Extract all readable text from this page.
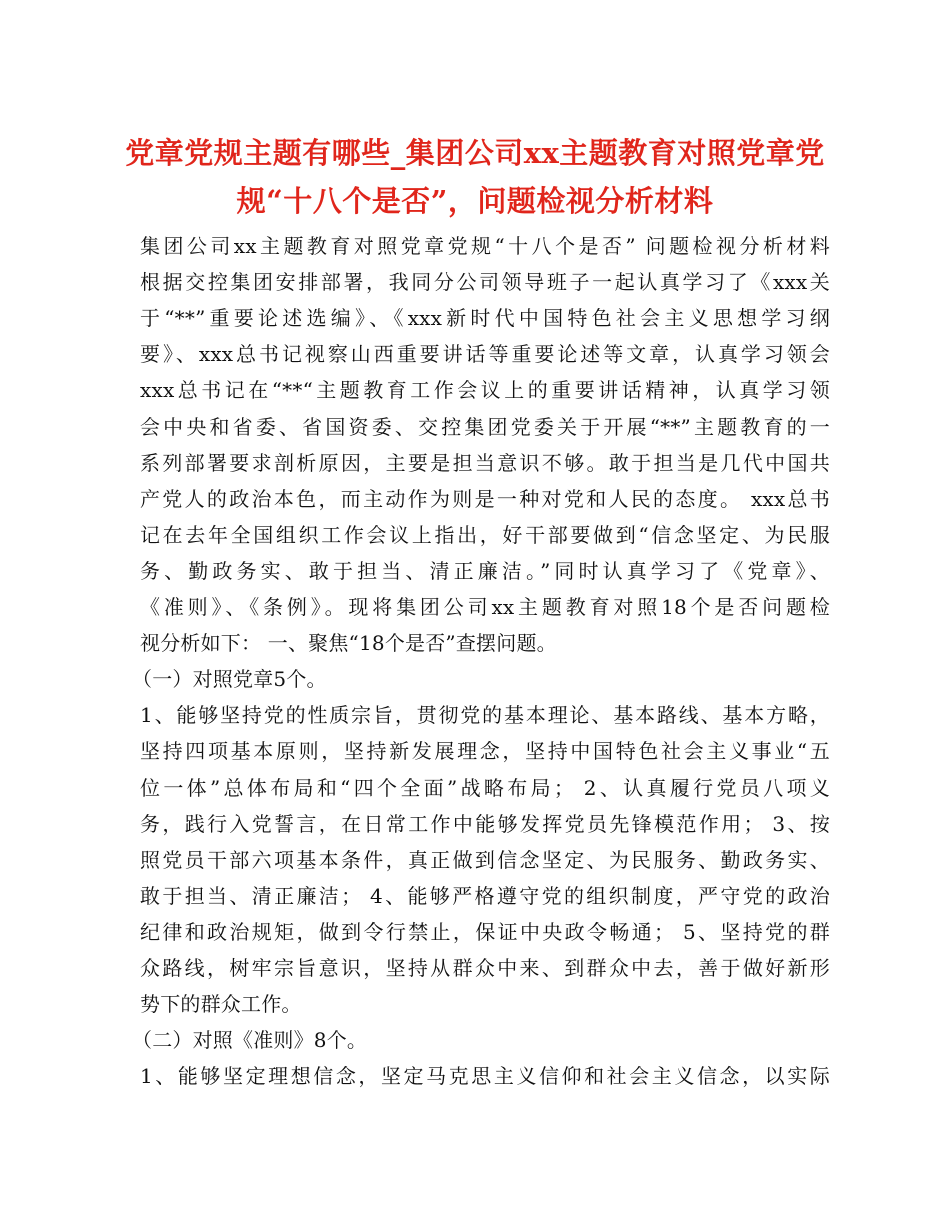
党章党规主题有哪些_集团公司xx主题教育对照党章党
规“十八个是否”，问题检视分析材料
集团公司xx主题教育对照党章党规“十八个是否” 问题检视分析材料
根据交控集团安排部署，我同分公司领导班子一起认真学习了《xxx关
于“**”重要论述选编》、《xxx新时代中国特色社会主义思想学习纲
要》、xxx总书记视察山西重要讲话等重要论述等文章，认真学习领会
xxx总书记在“**“主题教育工作会议上的重要讲话精神，认真学习领
会中央和省委、省国资委、交控集团党委关于开展“**”主题教育的一
系列部署要求剖析原因，主要是担当意识不够。敢于担当是几代中国共
产党人的政治本色，而主动作为则是一种对党和人民的态度。 xxx总书
记在去年全国组织工作会议上指出，好干部要做到“信念坚定、为民服
务、勤政务实、敢于担当、清正廉洁。”同时认真学习了《党章》、
《准则》、《条例》。现将集团公司xx主题教育对照18个是否问题检
视分析如下： 一、聚焦“18个是否”查摆问题。
（一）对照党章5个。
1、能够坚持党的性质宗旨，贯彻党的基本理论、基本路线、基本方略，
坚持四项基本原则，坚持新发展理念，坚持中国特色社会主义事业“五
位一体”总体布局和“四个全面”战略布局； 2、认真履行党员八项义
务，践行入党誓言，在日常工作中能够发挥党员先锋模范作用； 3、按
照党员干部六项基本条件，真正做到信念坚定、为民服务、勤政务实、
敢于担当、清正廉洁； 4、能够严格遵守党的组织制度，严守党的政治
纪律和政治规矩，做到令行禁止，保证中央政令畅通； 5、坚持党的群
众路线，树牢宗旨意识，坚持从群众中来、到群众中去，善于做好新形
势下的群众工作。
（二）对照《准则》8个。
1、能够坚定理想信念，坚定马克思主义信仰和社会主义信念，以实际
